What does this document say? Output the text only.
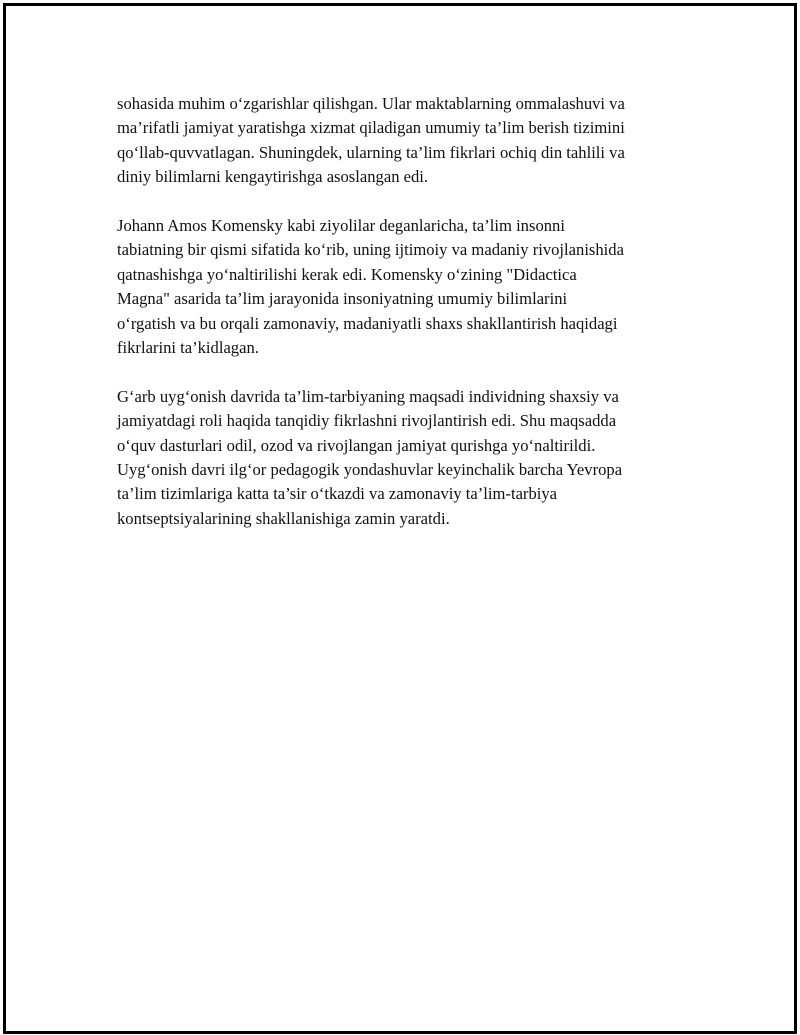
sohasida muhim o‘zgarishlar qilishgan. Ular maktablarning ommalashuvi va
ma’rifatli jamiyat yaratishga xizmat qiladigan umumiy ta’lim berish tizimini
qo‘llab-quvvatlagan. Shuningdek, ularning ta’lim fikrlari ochiq din tahlili va
diniy bilimlarni kengaytirishga asoslangan edi.

Johann Amos Komensky kabi ziyolilar deganlaricha, ta’lim insonni
tabiatning bir qismi sifatida ko‘rib, uning ijtimoiy va madaniy rivojlanishida
qatnashishga yo‘naltirilishi kerak edi. Komensky o‘zining "Didactica
Magna" asarida ta’lim jarayonida insoniyatning umumiy bilimlarini
o‘rgatish va bu orqali zamonaviy, madaniyatli shaxs shakllantirish haqidagi
fikrlarini ta’kidlagan.

G‘arb uyg‘onish davrida ta’lim-tarbiyaning maqsadi individning shaxsiy va
jamiyatdagi roli haqida tanqidiy fikrlashni rivojlantirish edi. Shu maqsadda
o‘quv dasturlari odil, ozod va rivojlangan jamiyat qurishga yo‘naltirildi.
Uyg‘onish davri ilg‘or pedagogik yondashuvlar keyinchalik barcha Yevropa
ta’lim tizimlariga katta ta’sir o‘tkazdi va zamonaviy ta’lim-tarbiya
kontseptsiyalarining shakllanishiga zamin yaratdi.
